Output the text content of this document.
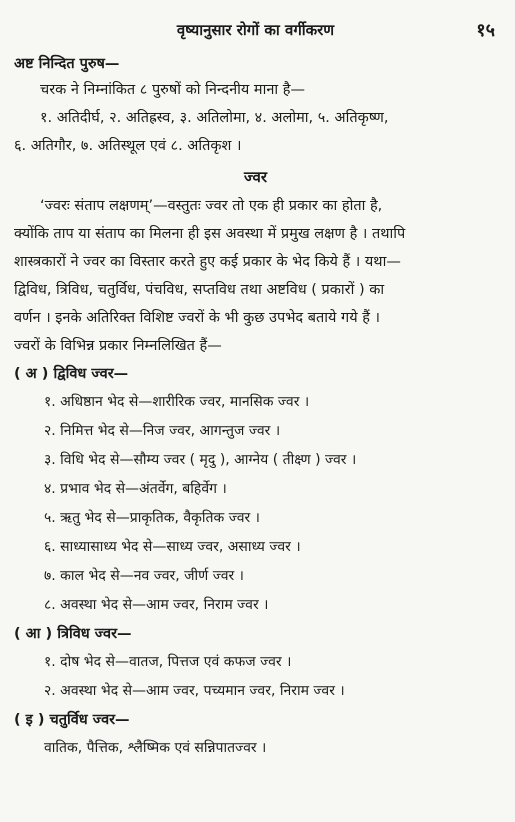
वृष्यानुसार रोगों का वर्गीकरण	१५
अष्ट निन्दित पुरुष—

चरक ने निम्नांकित ८ पुरुषों को निन्दनीय माना है—

१. अतिदीर्घ, २. अतिह्रस्व, ३. अतिलोमा, ४. अलोमा, ५. अतिकृष्ण,

६. अतिगौर, ७. अतिस्थूल एवं ८. अतिकृश ।

ज्वर

‘ज्वरः संताप लक्षणम्’—वस्तुतः ज्वर तो एक ही प्रकार का होता है,

क्योंकि ताप या संताप का मिलना ही इस अवस्था में प्रमुख लक्षण है । तथापि

शास्त्रकारों ने ज्वर का विस्तार करते हुए कई प्रकार के भेद किये हैं । यथा—

द्विविध, त्रिविध, चतुर्विध, पंचविध, सप्तविध तथा अष्टविध ( प्रकारों ) का

वर्णन । इनके अतिरिक्त विशिष्ट ज्वरों के भी कुछ उपभेद बताये गये हैं ।

ज्वरों के विभिन्न प्रकार निम्नलिखित हैं—

( अ ) द्विविध ज्वर—
१. अधिष्ठान भेद से—शारीरिक ज्वर, मानसिक ज्वर ।
२. निमित्त भेद से—निज ज्वर, आगन्तुज ज्वर ।
३. विधि भेद से—सौम्य ज्वर ( मृदु ), आग्नेय ( तीक्ष्ण ) ज्वर ।
४. प्रभाव भेद से—अंतर्वेग, बहिर्वेग ।
५. ऋतु भेद से—प्राकृतिक, वैकृतिक ज्वर ।
६. साध्यासाध्य भेद से—साध्य ज्वर, असाध्य ज्वर ।
७. काल भेद से—नव ज्वर, जीर्ण ज्वर ।
८. अवस्था भेद से—आम ज्वर, निराम ज्वर ।
( आ ) त्रिविध ज्वर—
१. दोष भेद से—वातज, पित्तज एवं कफज ज्वर ।
२. अवस्था भेद से—आम ज्वर, पच्यमान ज्वर, निराम ज्वर ।
( इ ) चतुर्विध ज्वर—
वातिक, पैत्तिक, श्लैष्मिक एवं सन्निपातज्वर ।
